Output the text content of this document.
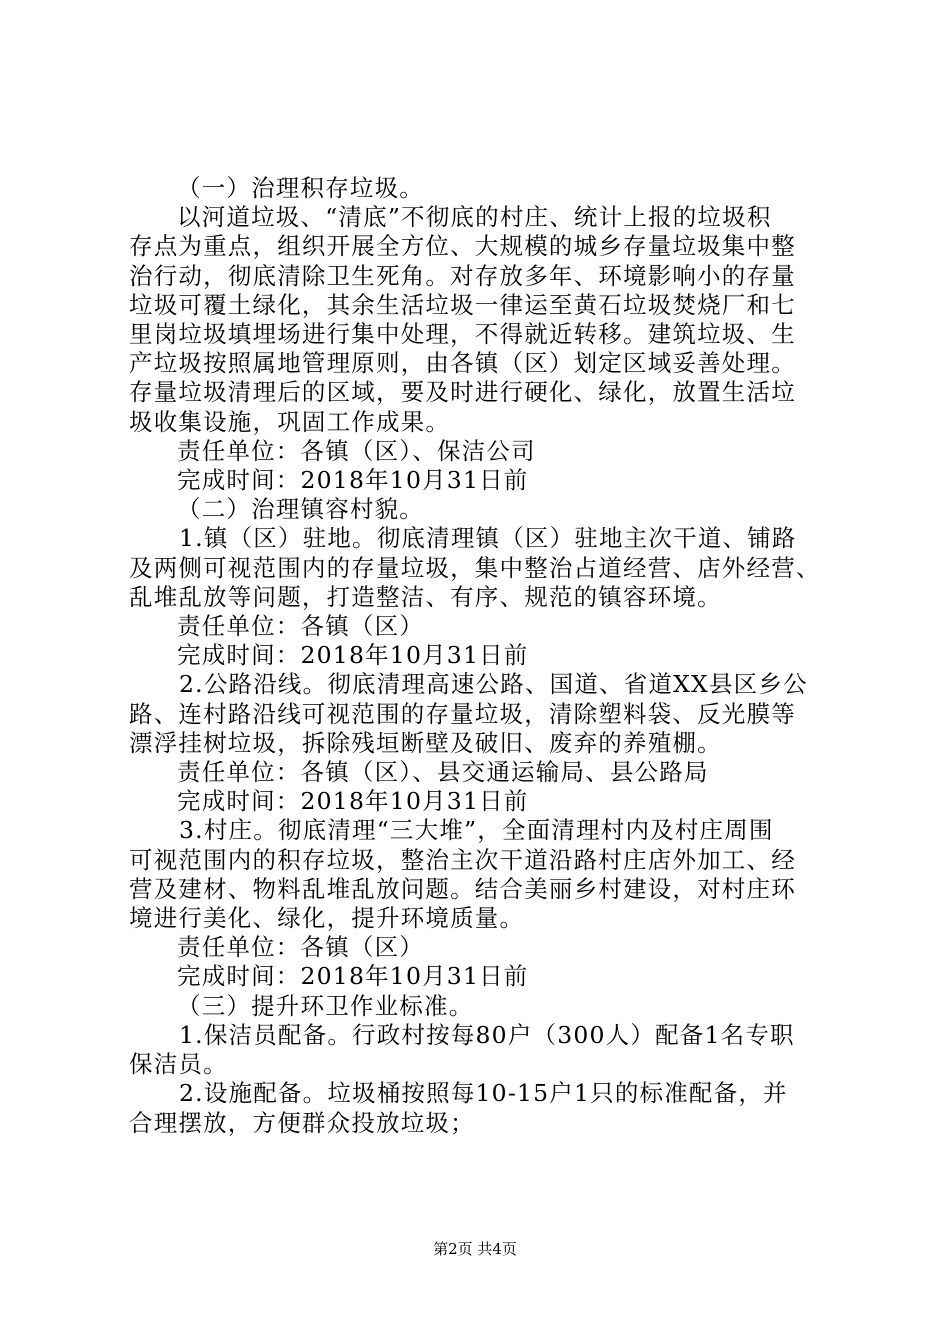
（一）治理积存垃圾。

以河道垃圾、“清底”不彻底的村庄、统计上报的垃圾积

存点为重点，组织开展全方位、大规模的城乡存量垃圾集中整

治行动，彻底清除卫生死角。对存放多年、环境影响小的存量

垃圾可覆土绿化，其余生活垃圾一律运至黄石垃圾焚烧厂和七

里岗垃圾填埋场进行集中处理，不得就近转移。建筑垃圾、生

产垃圾按照属地管理原则，由各镇（区）划定区域妥善处理。

存量垃圾清理后的区域，要及时进行硬化、绿化，放置生活垃

圾收集设施，巩固工作成果。

责任单位：各镇（区）、保洁公司

完成时间：2018年10月31日前

（二）治理镇容村貌。

1.镇（区）驻地。彻底清理镇（区）驻地主次干道、铺路

及两侧可视范围内的存量垃圾，集中整治占道经营、店外经营、

乱堆乱放等问题，打造整洁、有序、规范的镇容环境。

责任单位：各镇（区）

完成时间：2018年10月31日前

2.公路沿线。彻底清理高速公路、国道、省道XX县区乡公

路、连村路沿线可视范围的存量垃圾，清除塑料袋、反光膜等

漂浮挂树垃圾，拆除残垣断壁及破旧、废弃的养殖棚。

责任单位：各镇（区）、县交通运输局、县公路局

完成时间：2018年10月31日前

3.村庄。彻底清理“三大堆”，全面清理村内及村庄周围

可视范围内的积存垃圾，整治主次干道沿路村庄店外加工、经

营及建材、物料乱堆乱放问题。结合美丽乡村建设，对村庄环

境进行美化、绿化，提升环境质量。

责任单位：各镇（区）

完成时间：2018年10月31日前

（三）提升环卫作业标准。

1.保洁员配备。行政村按每80户（300人）配备1名专职

保洁员。

2.设施配备。垃圾桶按照每10-15户1只的标准配备，并

合理摆放，方便群众投放垃圾；

第2页 共4页
